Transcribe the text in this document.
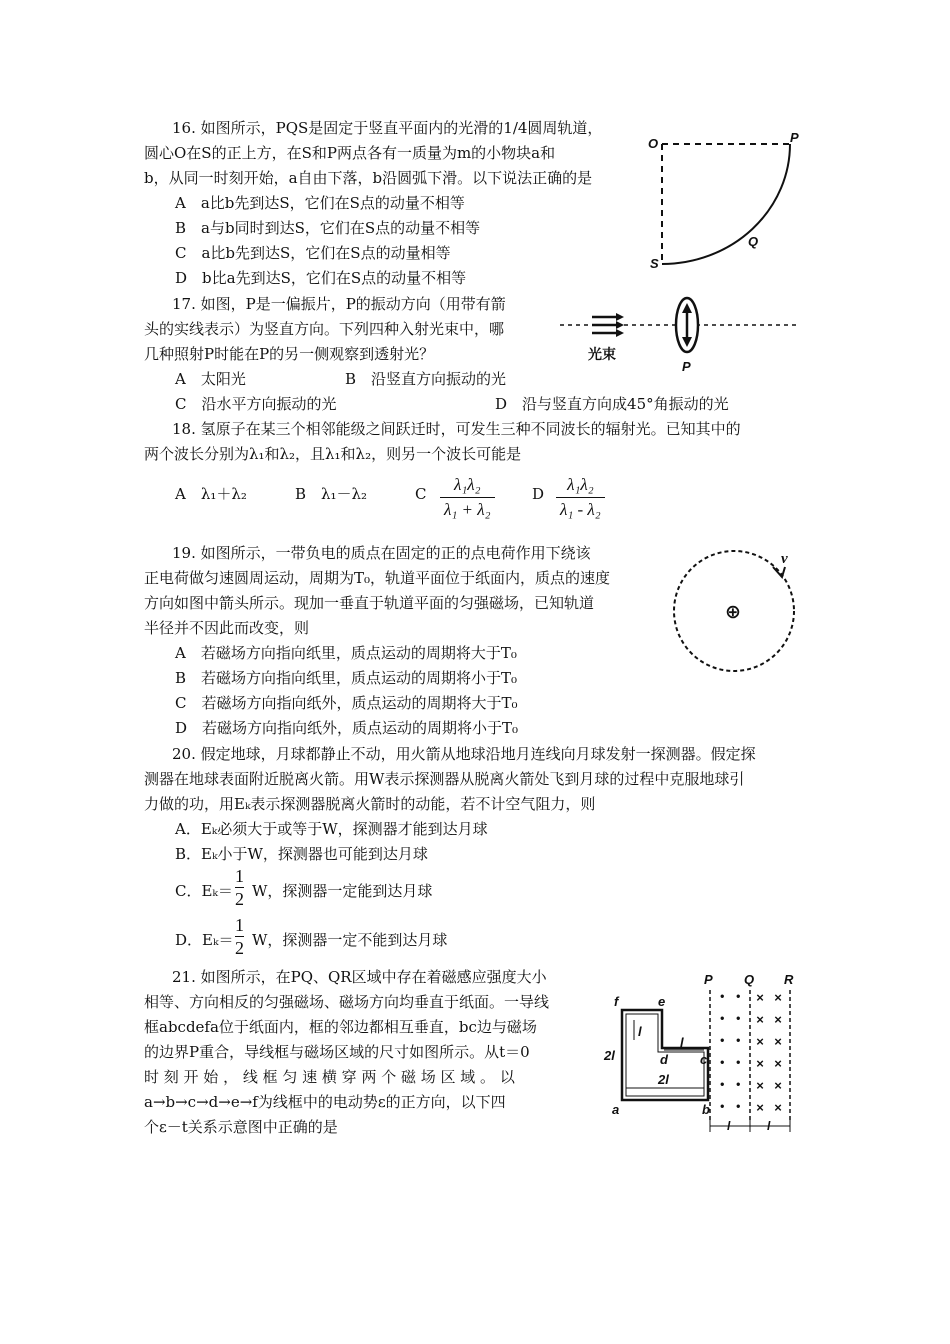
16. 如图所示，PQS是固定于竖直平面内的光滑的1/4圆周轨道，
圆心O在S的正上方，在S和P两点各有一质量为m的小物块a和
b，从同一时刻开始，a自由下落，b沿圆弧下滑。以下说法正确的是
A　a比b先到达S，它们在S点的动量不相等
B　a与b同时到达S，它们在S点的动量不相等
C　a比b先到达S，它们在S点的动量相等
D　b比a先到达S，它们在S点的动量不相等
O	P
Q
S
17. 如图，P是一偏振片，P的振动方向（用带有箭
头的实线表示）为竖直方向。下列四种入射光束中，哪
几种照射P时能在P的另一侧观察到透射光？
A　太阳光	B　沿竖直方向振动的光
C　沿水平方向振动的光	D　沿与竖直方向成45°角振动的光
光束
P
18. 氢原子在某三个相邻能级之间跃迁时，可发生三种不同波长的辐射光。已知其中的
两个波长分别为λ₁和λ₂，且λ₁和λ₂，则另一个波长可能是
A　λ₁＋λ₂	B　λ₁－λ₂	C $\frac{\text{λ₁λ₂}}{\text{λ₁ + λ₂}}$ D $\frac{\text{λ₁λ₂}}{\text{λ₁ - λ₂}}$
19. 如图所示，一带负电的质点在固定的正的点电荷作用下绕该
正电荷做匀速圆周运动，周期为T₀，轨道平面位于纸面内，质点的速度
方向如图中箭头所示。现加一垂直于轨道平面的匀强磁场，已知轨道
半径并不因此而改变，则
A　若磁场方向指向纸里，质点运动的周期将大于T₀
B　若磁场方向指向纸里，质点运动的周期将小于T₀
C　若磁场方向指向纸外，质点运动的周期将大于T₀
D　若磁场方向指向纸外，质点运动的周期将小于T₀
v
⊕
20. 假定地球，月球都静止不动，用火箭从地球沿地月连线向月球发射一探测器。假定探
测器在地球表面附近脱离火箭。用W表示探测器从脱离火箭处飞到月球的过程中克服地球引
力做的功，用Eₖ表示探测器脱离火箭时的动能，若不计空气阻力，则
A．Eₖ必须大于或等于W，探测器才能到达月球
B．Eₖ小于W，探测器也可能到达月球
C．$E_k= \frac{1}{2}$ W，探测器一定能到达月球
D．$E_k= \frac{1}{2}$ W，探测器一定不能到达月球
21. 如图所示，在PQ、QR区域中存在着磁感应强度大小
相等、方向相反的匀强磁场、磁场方向均垂直于纸面。一导线
框abcdefa位于纸面内，框的邻边都相互垂直，bc边与磁场
的边界P重合，导线框与磁场区域的尺寸如图所示。从t＝0
时 刻 开 始 ， 线 框 匀 速 横 穿 两 个 磁 场 区 域 。 以
a→b→c→d→e→f为线框中的电动势ε的正方向，以下四
个ε－t关系示意图中正确的是
P Q R
• •
• •
• •
• •
• •
• •
× ×
× ×
× ×
× ×
× ×
× ×
f	e
d c
a	b
l
l
2l
2l
l	l
